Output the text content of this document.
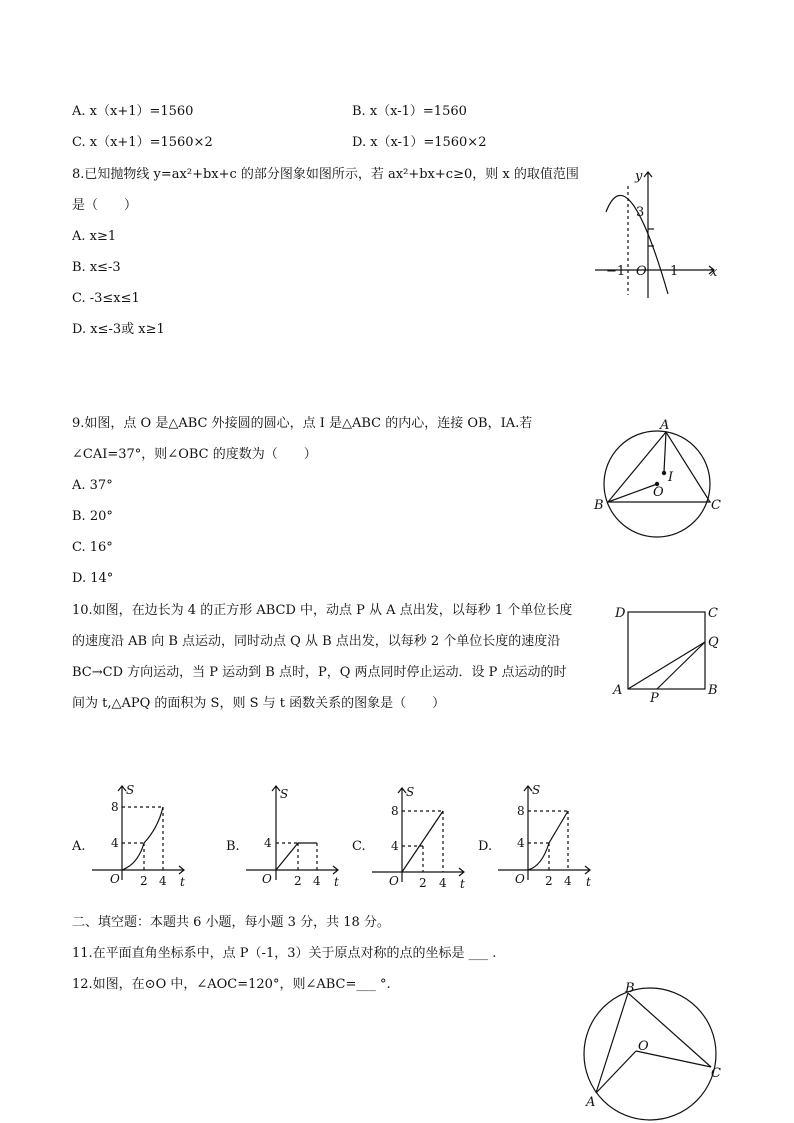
A. x（x+1）=1560	B. x（x-1）=1560
C. x（x+1）=1560×2	D. x（x-1）=1560×2
8.已知抛物线 y=ax²+bx+c 的部分图象如图所示，若 ax²+bx+c≥0，则 x 的取值范围
是（　　）
A. x≥1
B. x≤-3
C. -3≤x≤1
D. x≤-3或 x≥1
y
x
O
3
−1	1
9.如图，点 O 是△ABC 外接圆的圆心，点 I 是△ABC 的内心，连接 OB，IA.若
∠CAI=37°，则∠OBC 的度数为（　　）
A. 37°
B. 20°
C. 16°
D. 14°
A
B	C
O
I
10.如图，在边长为 4 的正方形 ABCD 中，动点 P 从 A 点出发，以每秒 1 个单位长度
的速度沿 AB 向 B 点运动，同时动点 Q 从 B 点出发，以每秒 2 个单位长度的速度沿
BC→CD 方向运动，当 P 运动到 B 点时，P，Q 两点同时停止运动．设 P 点运动的时
间为 t,△APQ 的面积为 S，则 S 与 t 函数关系的图象是（　　）
D	C
Q
A	B
P
A.
S
t
O
8
4
2 4
B.
S
t
O
4
2 4
C.
S
t
O
8
4
2 4
D.
S
t
O
8
4
2 4
二、填空题：本题共 6 小题，每小题 3 分，共 18 分。
11.在平面直角坐标系中，点 P（-1，3）关于原点对称的点的坐标是 ___ .
12.如图，在⊙O 中，∠AOC=120°，则∠ABC=___ °.	B
A
C
O
